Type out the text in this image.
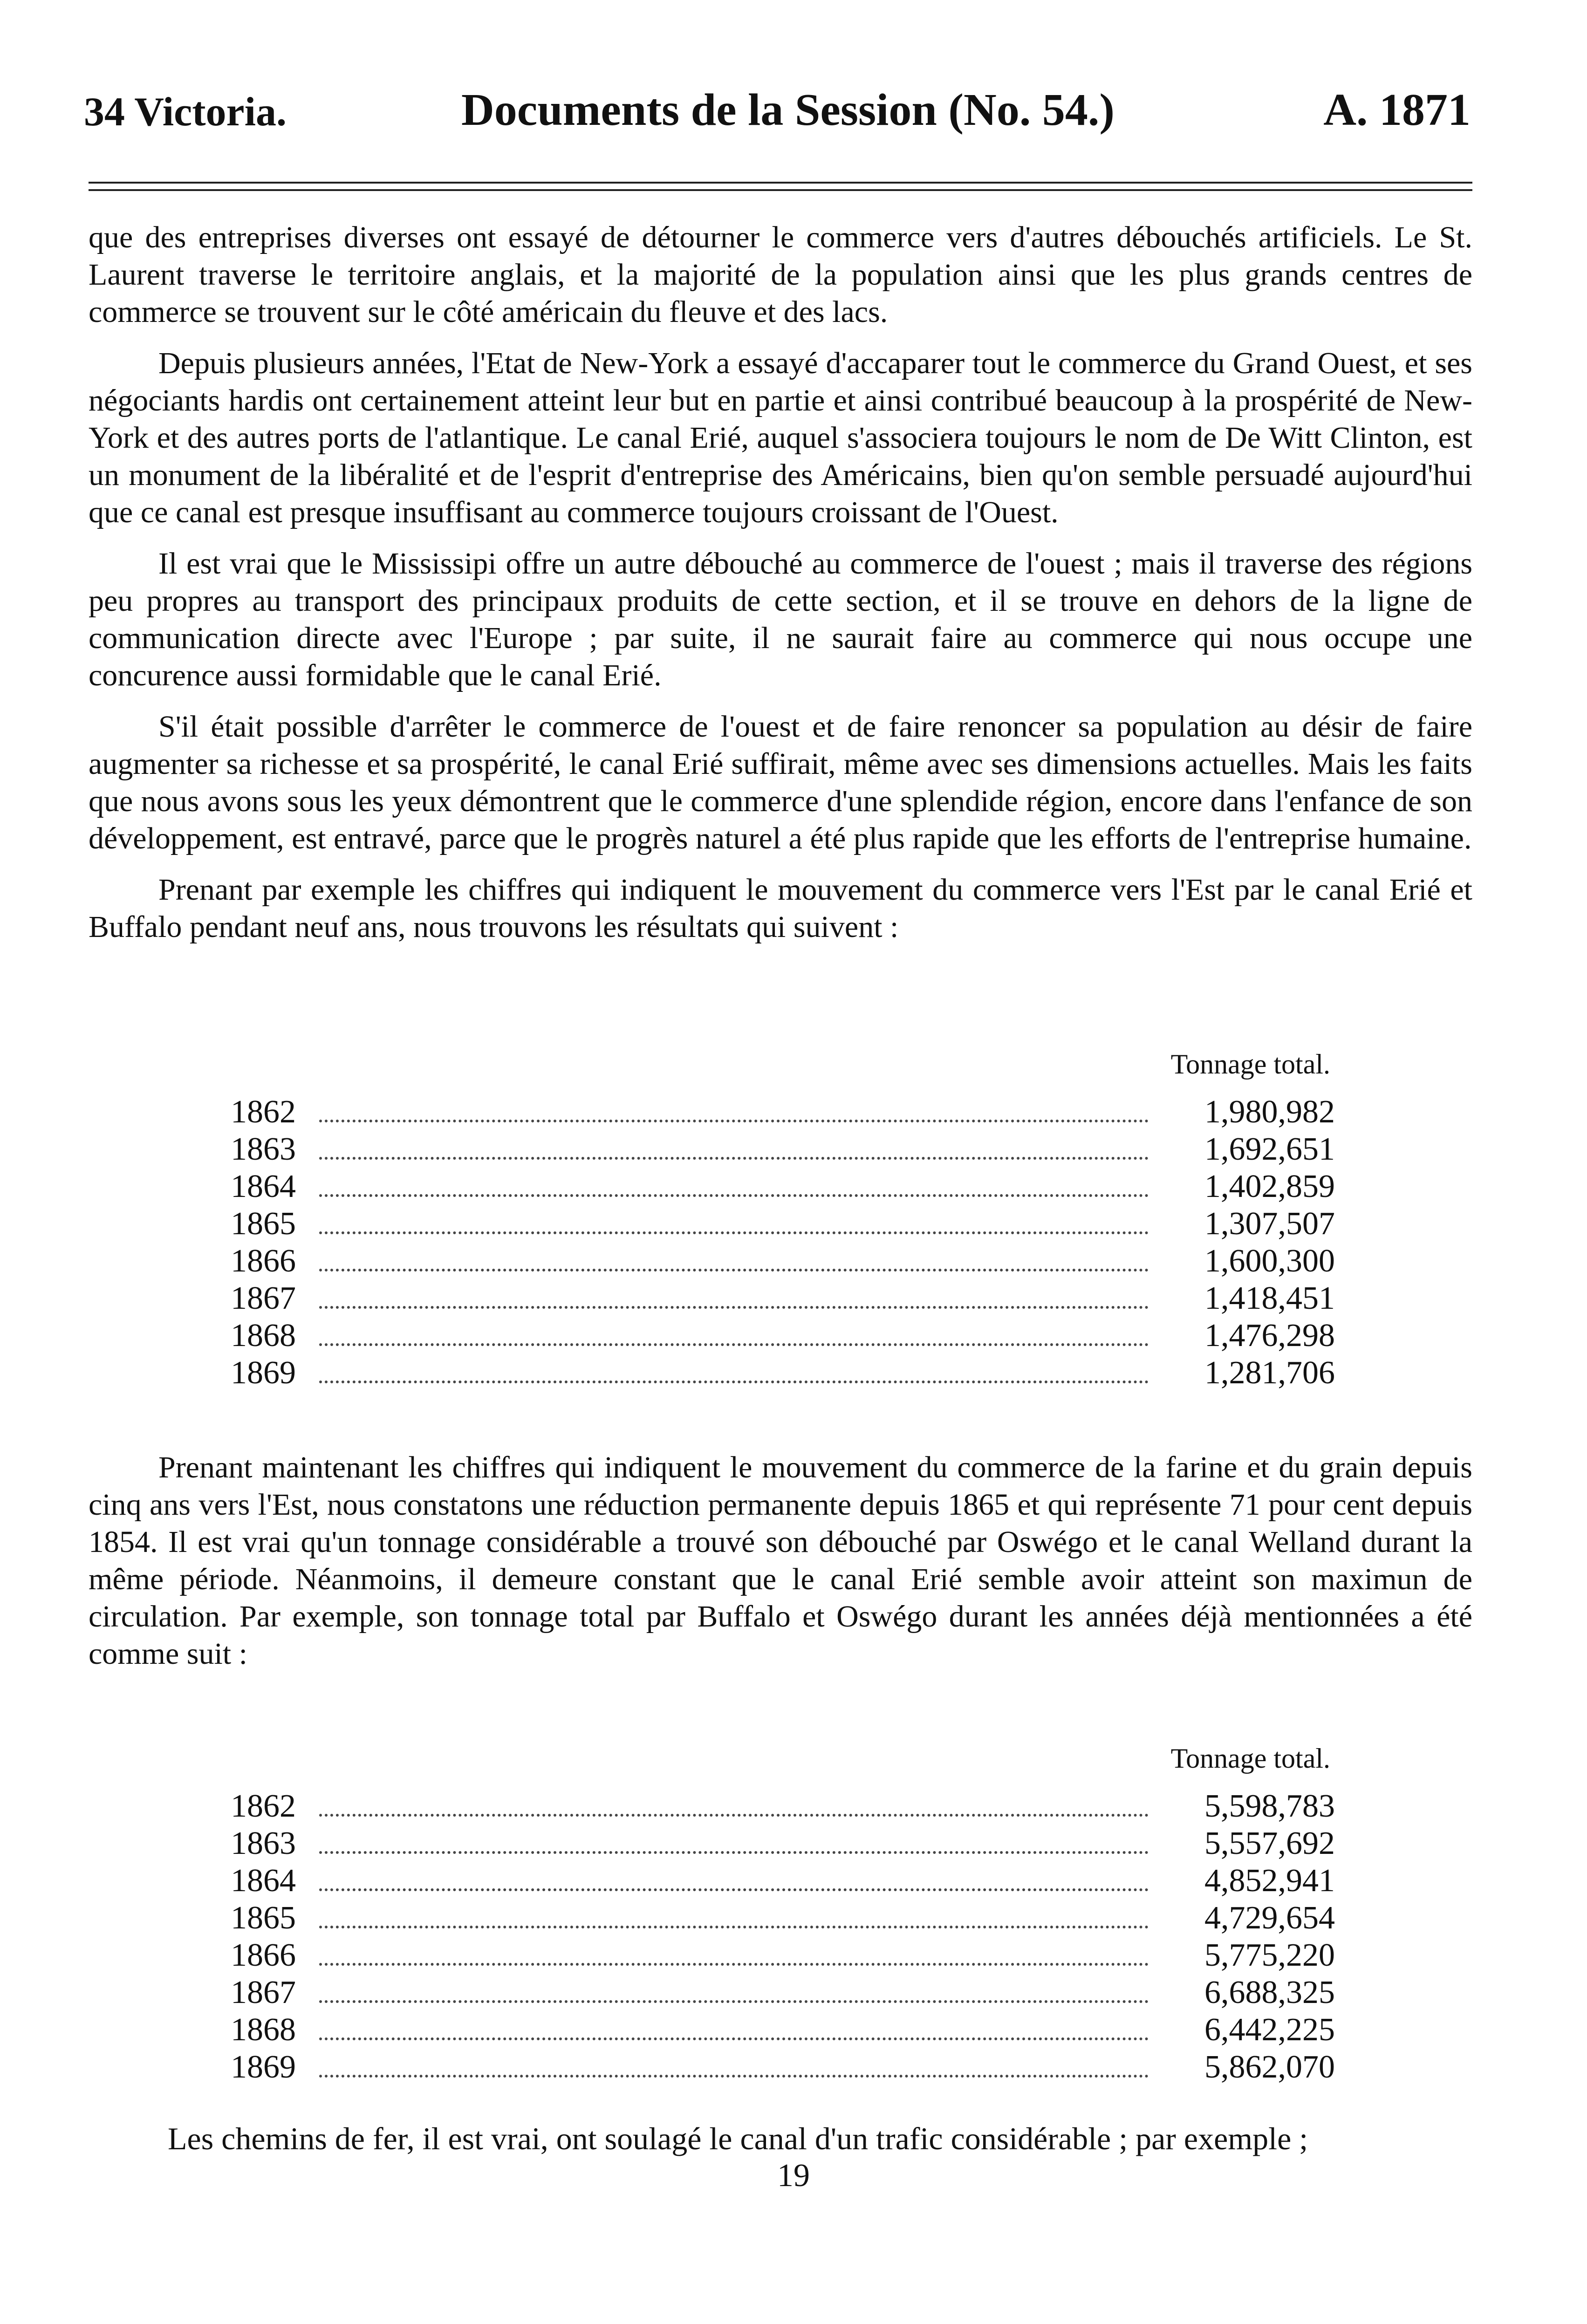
34 Victoria.	Documents de la Session (No. 54.)	A. 1871

que des entreprises diverses ont essayé de détourner le commerce vers d'autres débouchés artificiels. Le St. Laurent traverse le territoire anglais, et la majorité de la population ainsi que les plus grands centres de commerce se trouvent sur le côté américain du fleuve et des lacs.

Depuis plusieurs années, l'Etat de New-York a essayé d'accaparer tout le commerce du Grand Ouest, et ses négociants hardis ont certainement atteint leur but en partie et ainsi contribué beaucoup à la prospérité de New-York et des autres ports de l'atlantique. Le canal Erié, auquel s'associera toujours le nom de De Witt Clinton, est un monument de la libéralité et de l'esprit d'entreprise des Américains, bien qu'on semble persuadé aujourd'hui que ce canal est presque insuffisant au commerce toujours croissant de l'Ouest.

Il est vrai que le Mississipi offre un autre débouché au commerce de l'ouest ; mais il traverse des régions peu propres au transport des principaux produits de cette section, et il se trouve en dehors de la ligne de communication directe avec l'Europe ; par suite, il ne saurait faire au commerce qui nous occupe une concurence aussi formidable que le canal Erié.

S'il était possible d'arrêter le commerce de l'ouest et de faire renoncer sa population au désir de faire augmenter sa richesse et sa prospérité, le canal Erié suffirait, même avec ses dimensions actuelles. Mais les faits que nous avons sous les yeux démontrent que le commerce d'une splendide région, encore dans l'enfance de son développement, est entravé, parce que le progrès naturel a été plus rapide que les efforts de l'entreprise humaine.

Prenant par exemple les chiffres qui indiquent le mouvement du commerce vers l'Est par le canal Erié et Buffalo pendant neuf ans, nous trouvons les résultats qui suivent :

Tonnage total.
1862	1,980,982
1863	1,692,651
1864	1,402,859
1865	1,307,507
1866	1,600,300
1867	1,418,451
1868	1,476,298
1869	1,281,706

Prenant maintenant les chiffres qui indiquent le mouvement du commerce de la farine et du grain depuis cinq ans vers l'Est, nous constatons une réduction permanente depuis 1865 et qui représente 71 pour cent depuis 1854. Il est vrai qu'un tonnage considérable a trouvé son débouché par Oswégo et le canal Welland durant la même période. Néanmoins, il demeure constant que le canal Erié semble avoir atteint son maximun de circulation. Par exemple, son tonnage total par Buffalo et Oswégo durant les années déjà mentionnées a été comme suit :

Tonnage total.
1862	5,598,783
1863	5,557,692
1864	4,852,941
1865	4,729,654
1866	5,775,220
1867	6,688,325
1868	6,442,225
1869	5,862,070
Les chemins de fer, il est vrai, ont soulagé le canal d'un trafic considérable ; par exemple ;
19
